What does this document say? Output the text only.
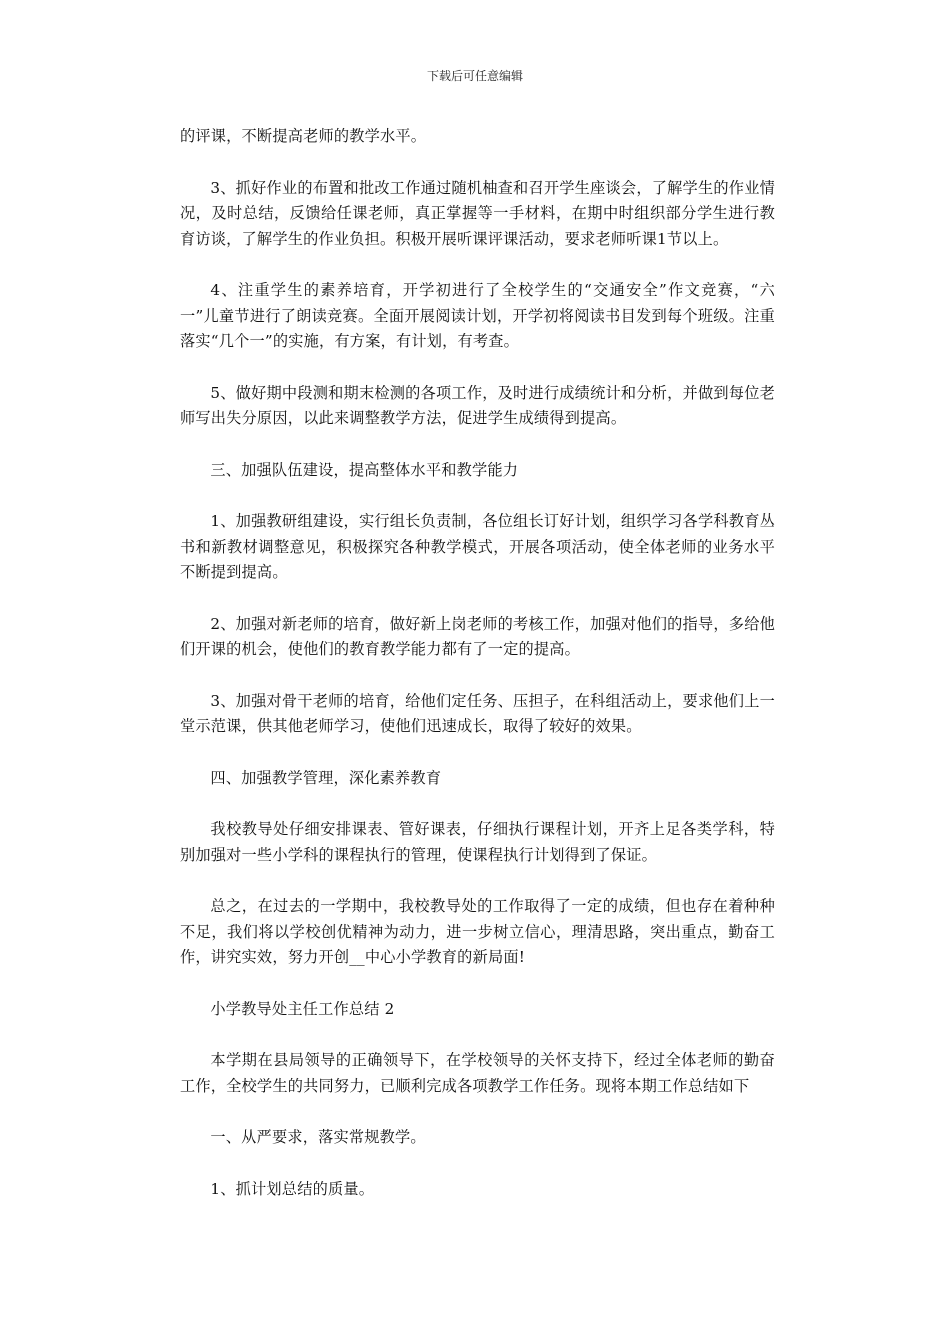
下载后可任意编辑

的评课，不断提高老师的教学水平。

3、抓好作业的布置和批改工作通过随机柚查和召开学生座谈会，了解学生的作业情况，及时总结，反馈给任课老师，真正掌握等一手材料，在期中时组织部分学生进行教育访谈，了解学生的作业负担。积极开展听课评课活动，要求老师听课1节以上。

4、注重学生的素养培育，开学初进行了全校学生的“交通安全”作文竞赛，“六一”儿童节进行了朗读竞赛。全面开展阅读计划，开学初将阅读书目发到每个班级。注重落实“几个一”的实施，有方案，有计划，有考查。

5、做好期中段测和期末检测的各项工作，及时进行成绩统计和分析，并做到每位老师写出失分原因，以此来调整教学方法，促进学生成绩得到提高。

三、加强队伍建设，提高整体水平和教学能力

1、加强教研组建设，实行组长负责制，各位组长订好计划，组织学习各学科教育丛书和新教材调整意见，积极探究各种教学模式，开展各项活动，使全体老师的业务水平不断提到提高。

2、加强对新老师的培育，做好新上岗老师的考核工作，加强对他们的指导，多给他们开课的机会，使他们的教育教学能力都有了一定的提高。

3、加强对骨干老师的培育，给他们定任务、压担子，在科组活动上，要求他们上一堂示范课，供其他老师学习，使他们迅速成长，取得了较好的效果。

四、加强教学管理，深化素养教育

我校教导处仔细安排课表、管好课表，仔细执行课程计划，开齐上足各类学科，特别加强对一些小学科的课程执行的管理，使课程执行计划得到了保证。

总之，在过去的一学期中，我校教导处的工作取得了一定的成绩，但也存在着种种不足，我们将以学校创优精神为动力，进一步树立信心，理清思路，突出重点，勤奋工作，讲究实效，努力开创__中心小学教育的新局面!

小学教导处主任工作总结 2

本学期在县局领导的正确领导下，在学校领导的关怀支持下，经过全体老师的勤奋工作，全校学生的共同努力，已顺利完成各项教学工作任务。现将本期工作总结如下

一、从严要求，落实常规教学。

1、抓计划总结的质量。
